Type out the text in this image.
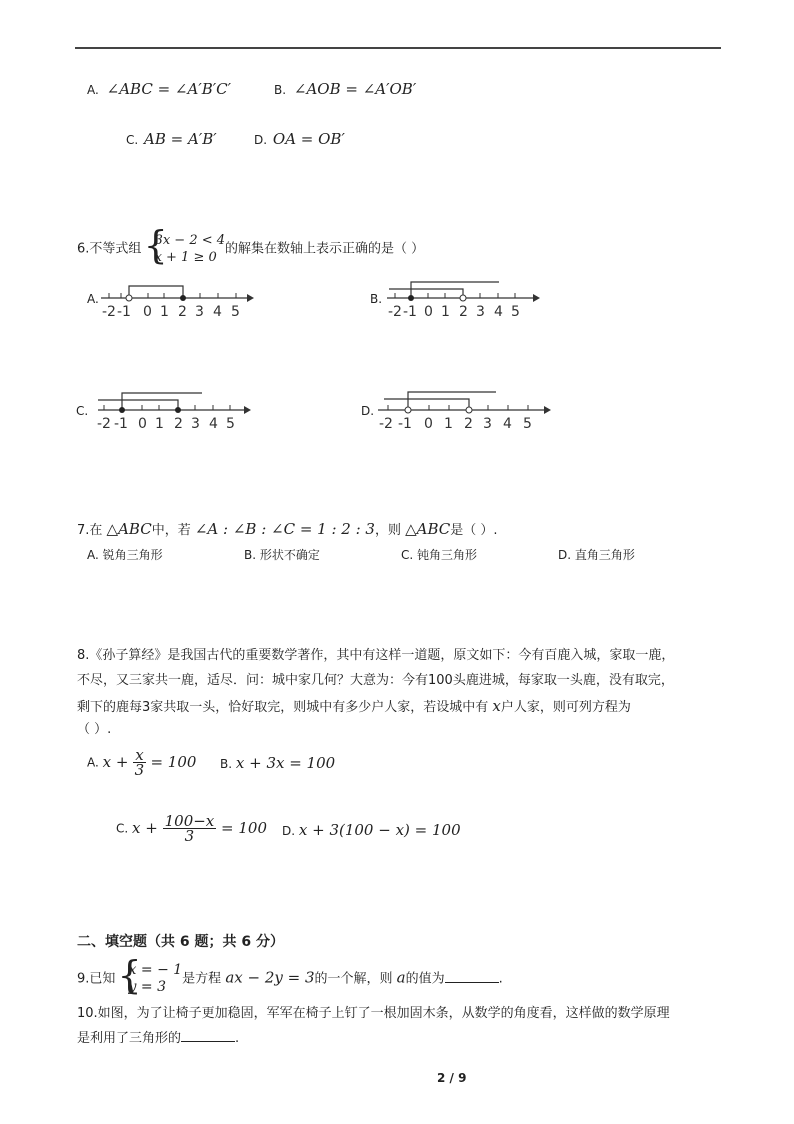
A. ∠ABC = ∠A′B′C′	B. ∠AOB = ∠A′OB′
C. AB = A′B′	D. OA = OB′
6.不等式组
{ 3x − 2 < 4
x + 1 ≥ 0
的解集在数轴上表示正确的是（ ）
A.	B.
C.	D.
-2 -1 0 1 2 3 4 5	-2 -1 0 1 2 3 4 5
-2 -1 0 1 2 3 4 5	-2 -1 0 1 2 3 4 5
7.在 △ABC中，若 ∠A : ∠B : ∠C = 1 : 2 : 3，则 △ABC是（ ）.
A. 锐角三角形	B. 形状不确定	C. 钝角三角形	D. 直角三角形
8.《孙子算经》是我国古代的重要数学著作，其中有这样一道题，原文如下：今有百鹿入城，家取一鹿，
不尽，又三家共一鹿，适尽．问：城中家几何？大意为：今有100头鹿进城，每家取一头鹿，没有取完，
剩下的鹿每3家共取一头，恰好取完，则城中有多少户人家，若设城中有 x户人家，则可列方程为
（ ）.
A. $x + \frac{x}{3} = 100$ B. x + 3x = 100
C. $x + \frac{100-x}{3} = 100$ D. x + 3(100 − x) = 100
二、填空题（共 6 题；共 6 分）
9.已知
{ x = − 1
y = 3	是方程 ax − 2y = 3的一个解，则 a的值为	.
10.如图，为了让椅子更加稳固，军军在椅子上钉了一根加固木条，从数学的角度看，这样做的数学原理
是利用了三角形的	.
2 / 9
